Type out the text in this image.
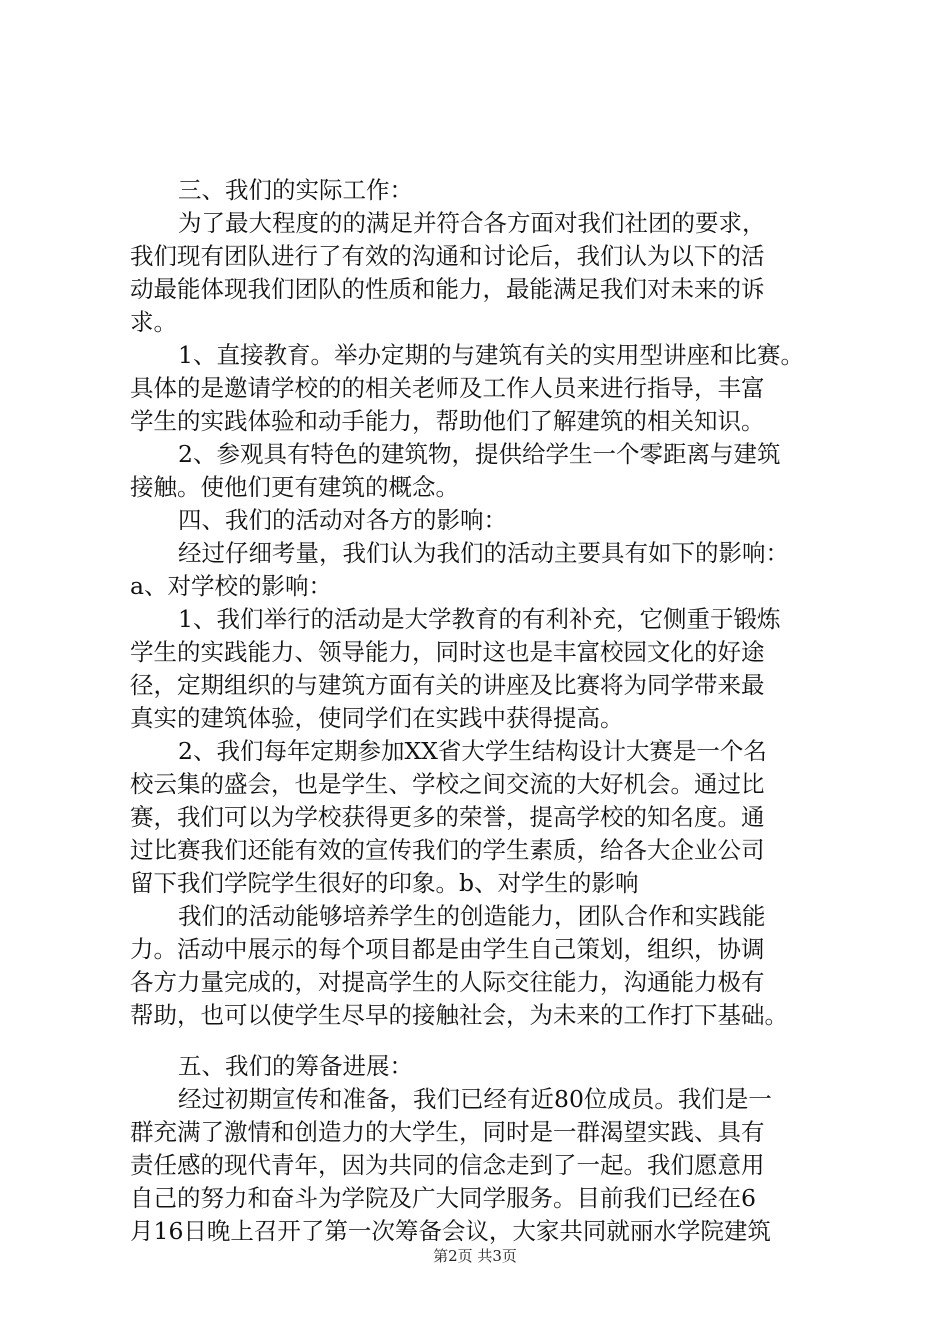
三、我们的实际工作：
为了最大程度的的满足并符合各方面对我们社团的要求，
我们现有团队进行了有效的沟通和讨论后，我们认为以下的活
动最能体现我们团队的性质和能力，最能满足我们对未来的诉
求。
1、直接教育。举办定期的与建筑有关的实用型讲座和比赛。
具体的是邀请学校的的相关老师及工作人员来进行指导，丰富
学生的实践体验和动手能力，帮助他们了解建筑的相关知识。
2、参观具有特色的建筑物，提供给学生一个零距离与建筑
接触。使他们更有建筑的概念。
四、我们的活动对各方的影响：
经过仔细考量，我们认为我们的活动主要具有如下的影响：
a、对学校的影响：
1、我们举行的活动是大学教育的有利补充，它侧重于锻炼
学生的实践能力、领导能力，同时这也是丰富校园文化的好途
径，定期组织的与建筑方面有关的讲座及比赛将为同学带来最
真实的建筑体验，使同学们在实践中获得提高。
2、我们每年定期参加XX省大学生结构设计大赛是一个名
校云集的盛会，也是学生、学校之间交流的大好机会。通过比
赛，我们可以为学校获得更多的荣誉，提高学校的知名度。通
过比赛我们还能有效的宣传我们的学生素质，给各大企业公司
留下我们学院学生很好的印象。b、对学生的影响
我们的活动能够培养学生的创造能力，团队合作和实践能
力。活动中展示的每个项目都是由学生自己策划，组织，协调
各方力量完成的，对提高学生的人际交往能力，沟通能力极有
帮助，也可以使学生尽早的接触社会，为未来的工作打下基础。
五、我们的筹备进展：
经过初期宣传和准备，我们已经有近80位成员。我们是一
群充满了激情和创造力的大学生，同时是一群渴望实践、具有
责任感的现代青年，因为共同的信念走到了一起。我们愿意用
自己的努力和奋斗为学院及广大同学服务。目前我们已经在6
月16日晚上召开了第一次筹备会议，大家共同就丽水学院建筑
第2页 共3页
